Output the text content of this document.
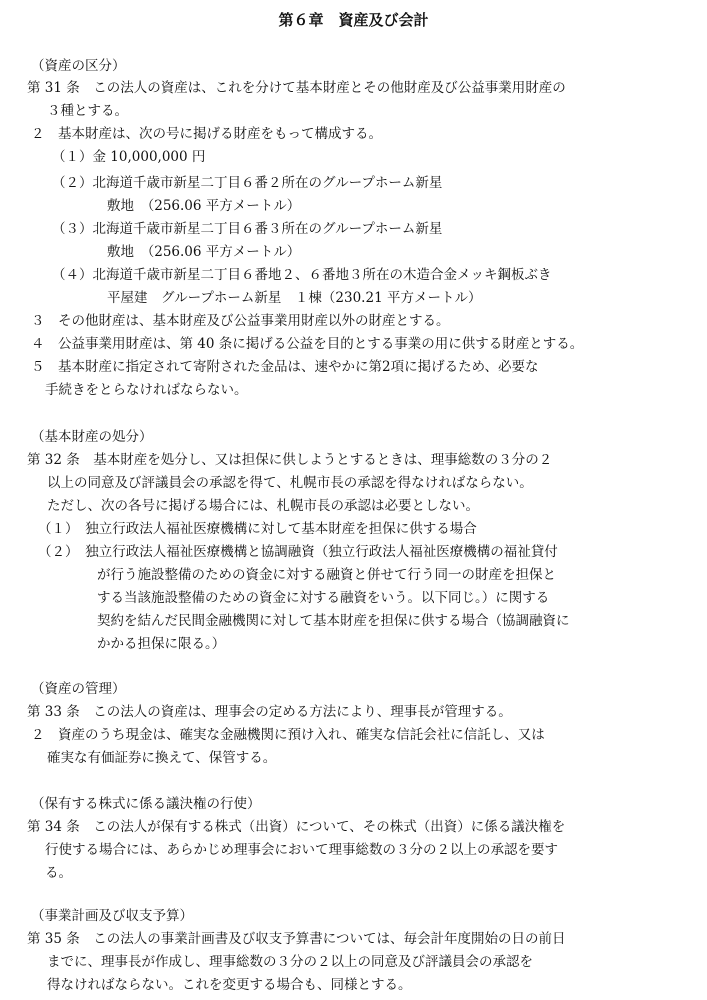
第６章　資産及び会計
（資産の区分）
第 31 条　この法人の資産は、これを分けて基本財産とその他財産及び公益事業用財産の
３種とする。
２　基本財産は、次の号に掲げる財産をもって構成する。
（１）金 10,000,000 円
（２）北海道千歳市新星二丁目６番２所在のグループホーム新星
敷地　（256.06 平方メートル）
（３）北海道千歳市新星二丁目６番３所在のグループホーム新星
敷地　（256.06 平方メートル）
（４）北海道千歳市新星二丁目６番地２、６番地３所在の木造合金メッキ鋼板ぶき
平屋建　グループホーム新星　１棟（230.21 平方メートル）
３　その他財産は、基本財産及び公益事業用財産以外の財産とする。
４　公益事業用財産は、第 40 条に掲げる公益を目的とする事業の用に供する財産とする。
５　基本財産に指定されて寄附された金品は、速やかに第2項に掲げるため、必要な
手続きをとらなければならない。
（基本財産の処分）
第 32 条　基本財産を処分し、又は担保に供しようとするときは、理事総数の３分の２
以上の同意及び評議員会の承認を得て、札幌市長の承認を得なければならない。
ただし、次の各号に掲げる場合には、札幌市長の承認は必要としない。
（１）　独立行政法人福祉医療機構に対して基本財産を担保に供する場合
（２）　独立行政法人福祉医療機構と協調融資（独立行政法人福祉医療機構の福祉貸付
が行う施設整備のための資金に対する融資と併せて行う同一の財産を担保と
する当該施設整備のための資金に対する融資をいう。以下同じ。）に関する
契約を結んだ民間金融機関に対して基本財産を担保に供する場合（協調融資に
かかる担保に限る。）
（資産の管理）
第 33 条　この法人の資産は、理事会の定める方法により、理事長が管理する。
２　資産のうち現金は、確実な金融機関に預け入れ、確実な信託会社に信託し、又は
確実な有価証券に換えて、保管する。
（保有する株式に係る議決権の行使）
第 34 条　この法人が保有する株式（出資）について、その株式（出資）に係る議決権を
行使する場合には、あらかじめ理事会において理事総数の３分の２以上の承認を要す
る。
（事業計画及び収支予算）
第 35 条　この法人の事業計画書及び収支予算書については、毎会計年度開始の日の前日
までに、理事長が作成し、理事総数の３分の２以上の同意及び評議員会の承認を
得なければならない。これを変更する場合も、同様とする。
